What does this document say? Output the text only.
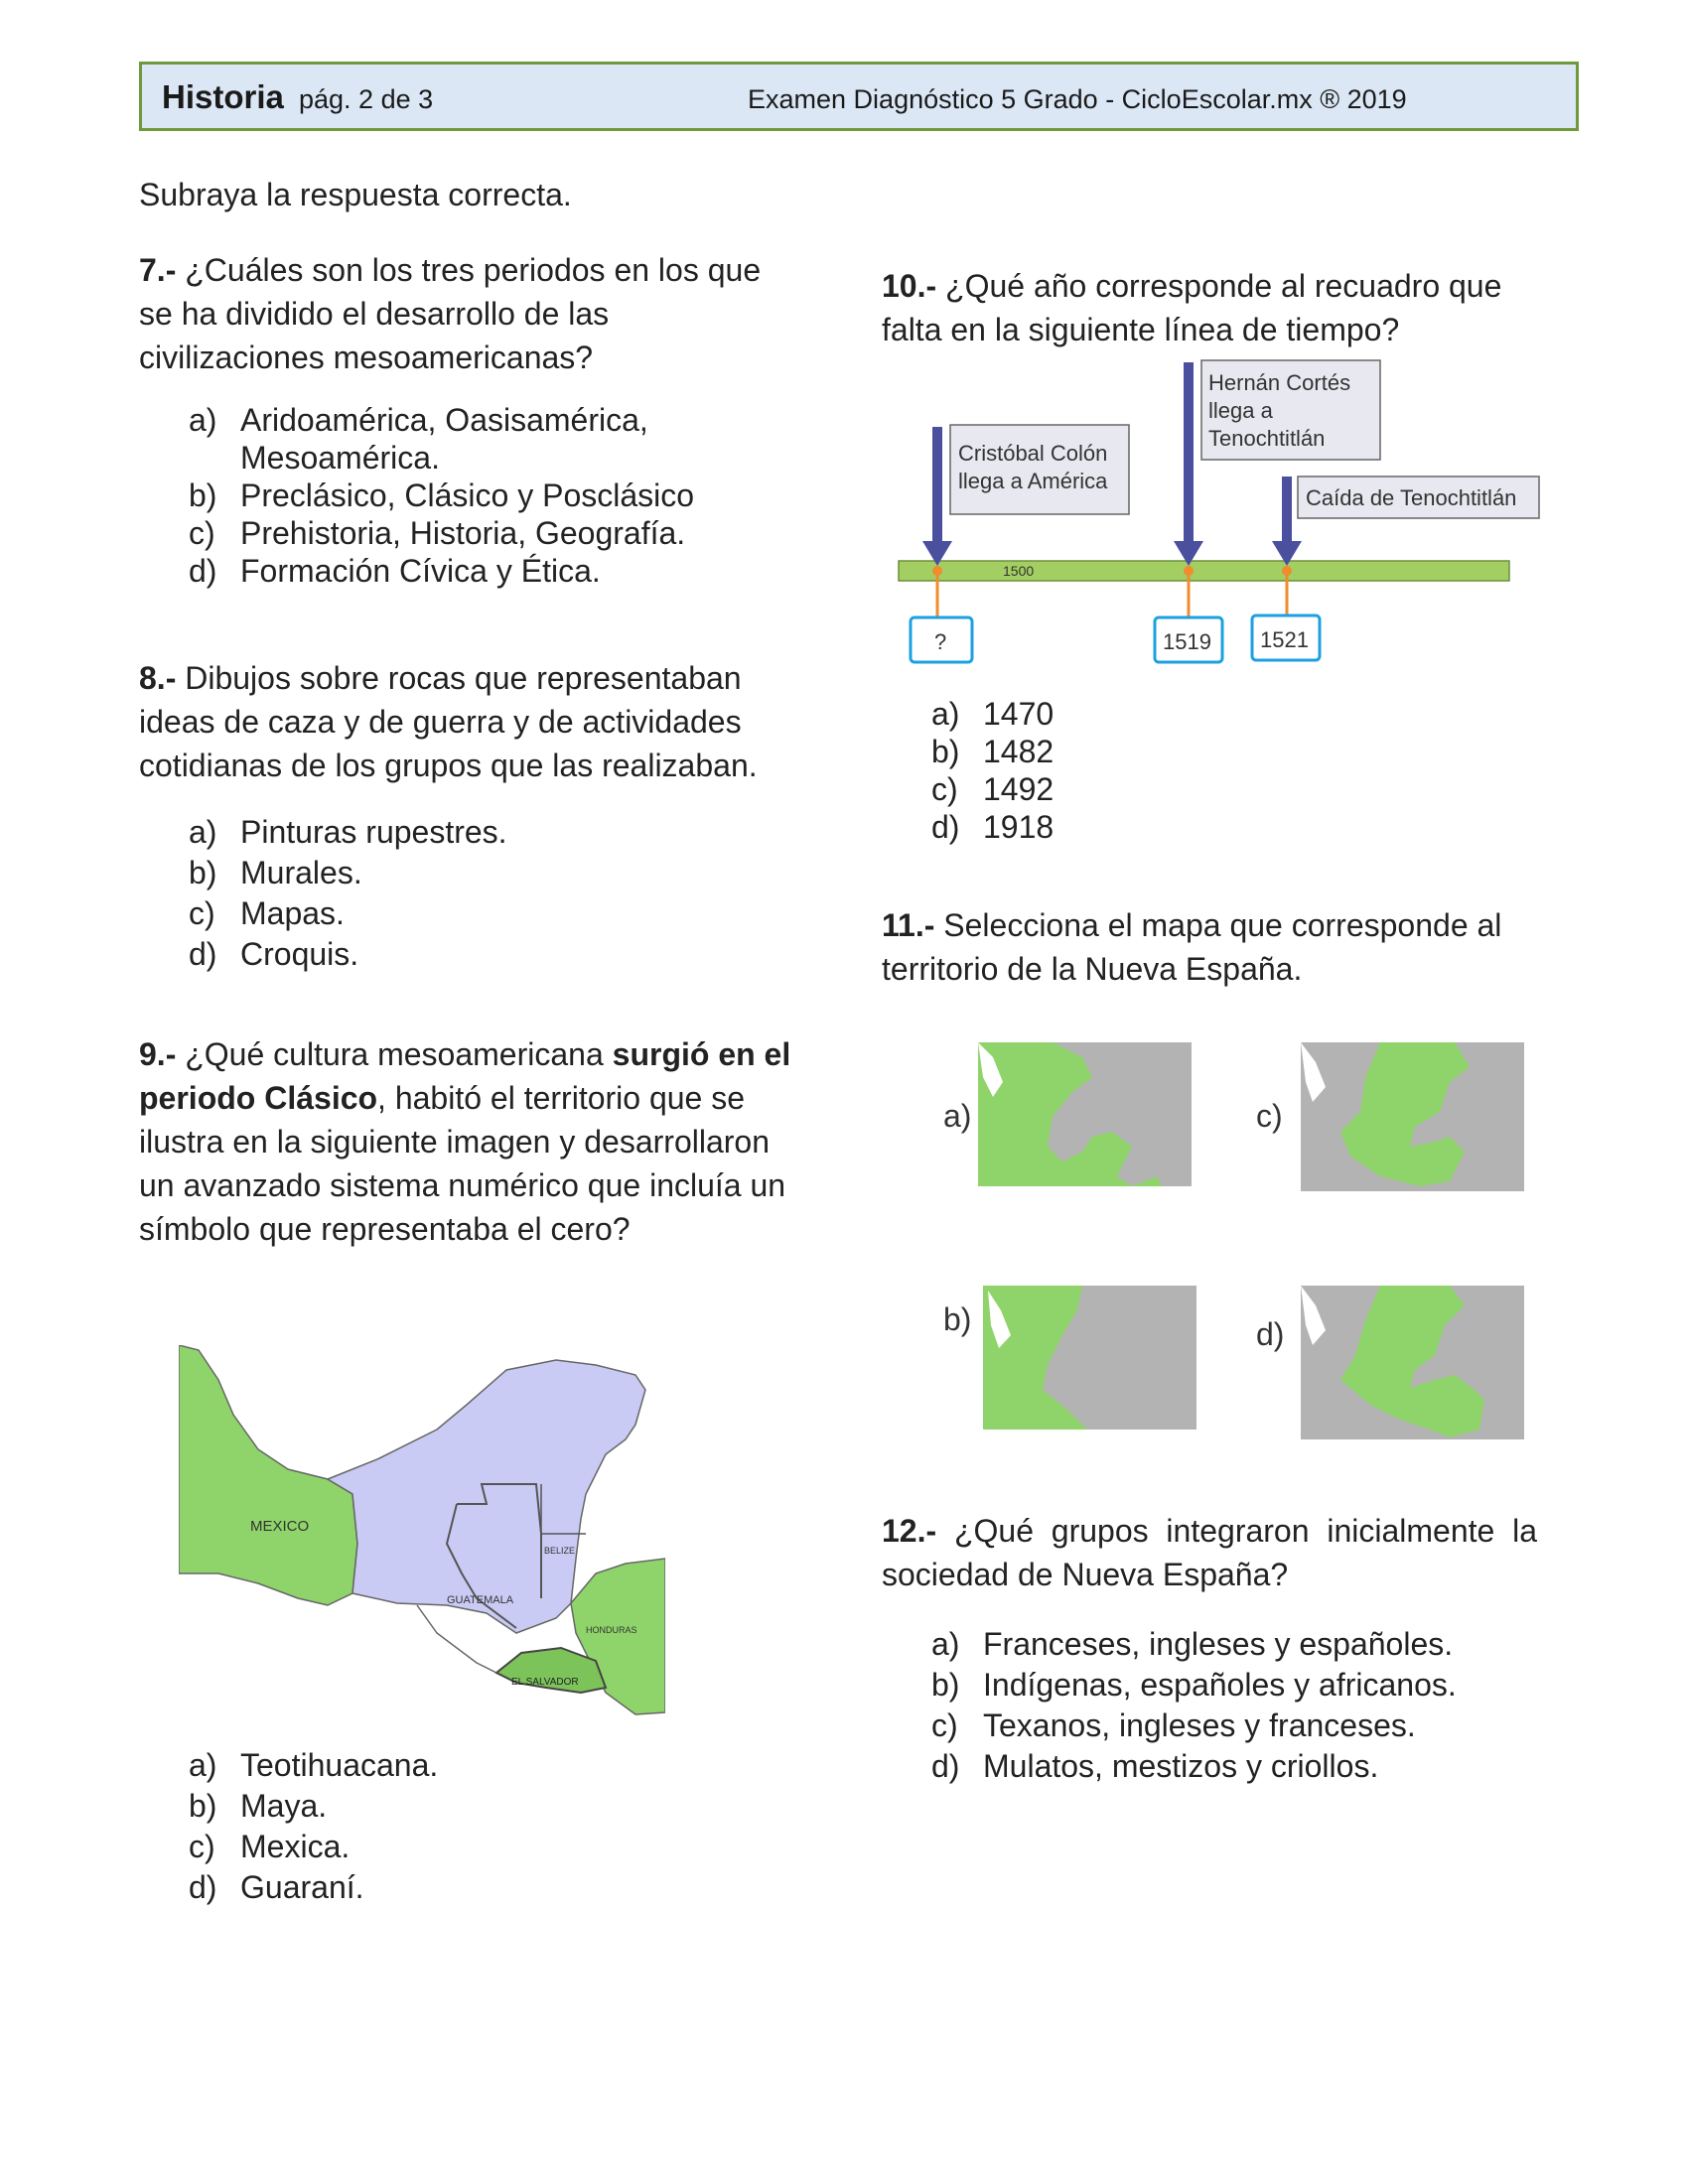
Historia pág. 2 de 3	Examen Diagnóstico 5 Grado - CicloEscolar.mx ® 2019
Subraya la respuesta correcta.
7.- ¿Cuáles son los tres periodos en los que se ha dividido el desarrollo de las civilizaciones mesoamericanas?
a) Aridoamérica, Oasisamérica, Mesoamérica.
b) Preclásico, Clásico y Posclásico
c) Prehistoria, Historia, Geografía.
d) Formación Cívica y Ética.
8.- Dibujos sobre rocas que representaban ideas de caza y de guerra y de actividades cotidianas de los grupos que las realizaban.
a) Pinturas rupestres.
b) Murales.
c) Mapas.
d) Croquis.
9.- ¿Qué cultura mesoamericana surgió en el periodo Clásico, habitó el territorio que se ilustra en la siguiente imagen y desarrollaron un avanzado sistema numérico que incluía un símbolo que representaba el cero?
MEXICO
GUATEMALA
BELIZE
HONDURAS
EL SALVADOR
a) Teotihuacana.
b) Maya.
c) Mexica.
d) Guaraní.
10.- ¿Qué año corresponde al recuadro que falta en la siguiente línea de tiempo?
1500
Cristóbal Colón
llega a América
?
Hernán Cortés
llega a
Tenochtitlán
1519
Caída de Tenochtitlán
1521
a) 1470
b) 1482
c) 1492
d) 1918
11.- Selecciona el mapa que corresponde al territorio de la Nueva España.
a)	c)
b)	d)
12.- ¿Qué grupos integraron inicialmente la sociedad de Nueva España?
a) Franceses, ingleses y españoles.
b) Indígenas, españoles y africanos.
c) Texanos, ingleses y franceses.
d) Mulatos, mestizos y criollos.
